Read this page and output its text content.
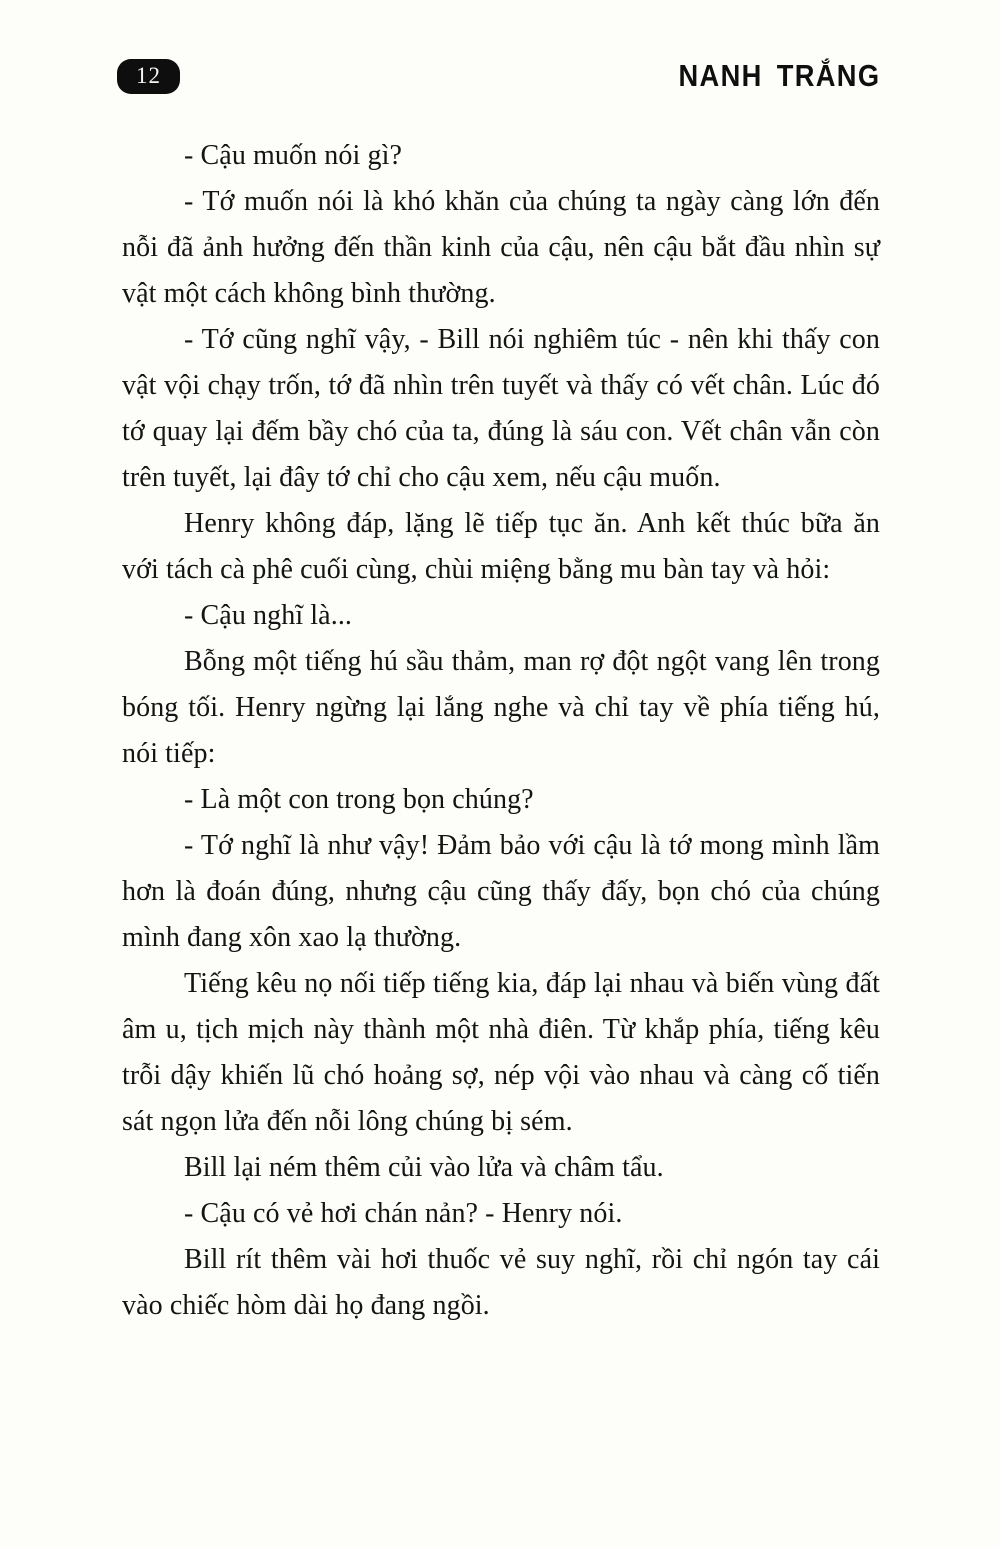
12	NANH TRẮNG

- Cậu muốn nói gì?

- Tớ muốn nói là khó khăn của chúng ta ngày càng lớn đến nỗi đã ảnh hưởng đến thần kinh của cậu, nên cậu bắt đầu nhìn sự vật một cách không bình thường.

- Tớ cũng nghĩ vậy, - Bill nói nghiêm túc - nên khi thấy con vật vội chạy trốn, tớ đã nhìn trên tuyết và thấy có vết chân. Lúc đó tớ quay lại đếm bầy chó của ta, đúng là sáu con. Vết chân vẫn còn trên tuyết, lại đây tớ chỉ cho cậu xem, nếu cậu muốn.

Henry không đáp, lặng lẽ tiếp tục ăn. Anh kết thúc bữa ăn với tách cà phê cuối cùng, chùi miệng bằng mu bàn tay và hỏi:

- Cậu nghĩ là...

Bỗng một tiếng hú sầu thảm, man rợ đột ngột vang lên trong bóng tối. Henry ngừng lại lắng nghe và chỉ tay về phía tiếng hú, nói tiếp:

- Là một con trong bọn chúng?

- Tớ nghĩ là như vậy! Đảm bảo với cậu là tớ mong mình lầm hơn là đoán đúng, nhưng cậu cũng thấy đấy, bọn chó của chúng mình đang xôn xao lạ thường.

Tiếng kêu nọ nối tiếp tiếng kia, đáp lại nhau và biến vùng đất âm u, tịch mịch này thành một nhà điên. Từ khắp phía, tiếng kêu trỗi dậy khiến lũ chó hoảng sợ, nép vội vào nhau và càng cố tiến sát ngọn lửa đến nỗi lông chúng bị sém.

Bill lại ném thêm củi vào lửa và châm tẩu.

- Cậu có vẻ hơi chán nản? - Henry nói.

Bill rít thêm vài hơi thuốc vẻ suy nghĩ, rồi chỉ ngón tay cái vào chiếc hòm dài họ đang ngồi.
